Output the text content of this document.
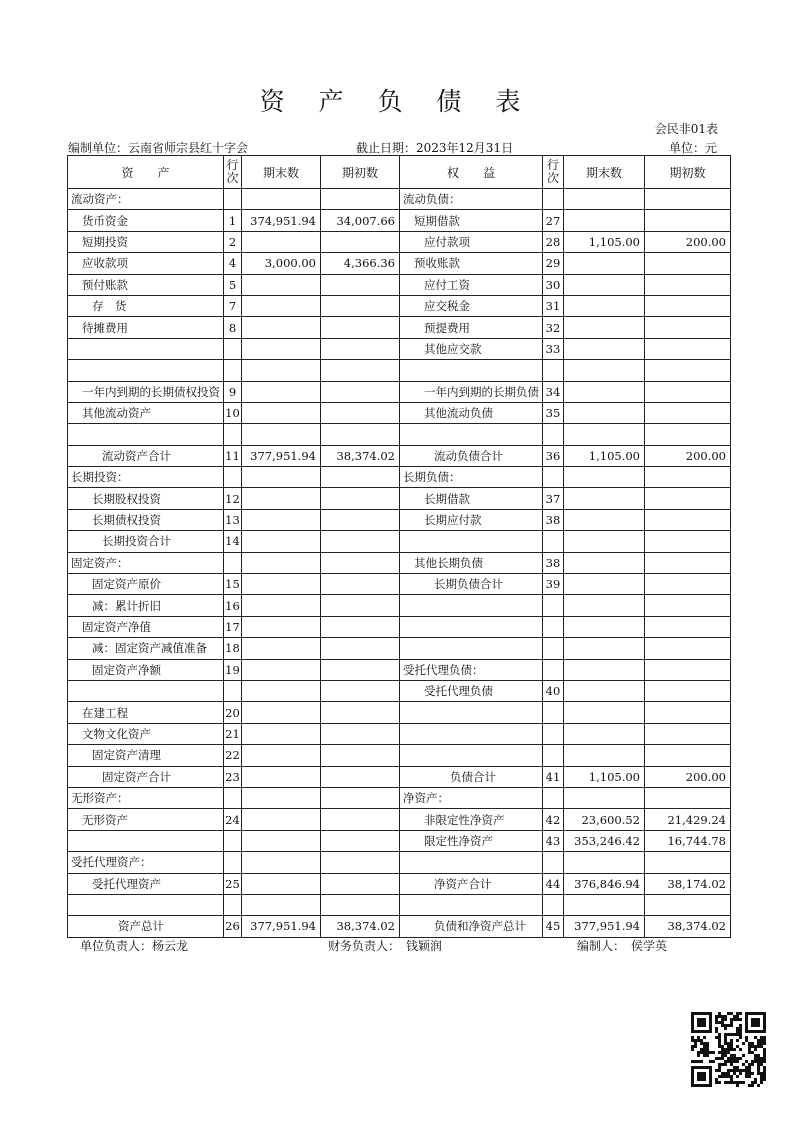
资 产 负 债 表
会民非01表
编制单位：云南省师宗县红十字会	截止日期：2023年12月31日	单位：元
资　　产	行次	期末数	期初数	权　　益	行次	期末数	期初数
流动资产：				流动负债：			
货币资金	1	374,951.94	34,007.66	短期借款	27		
短期投资	2			应付款项	28	1,105.00	200.00
应收款项	4	3,000.00	4,366.36	预收账款	29		
预付账款	5			应付工资	30		
存　货	7			应交税金	31		
待摊费用	8			预提费用	32		
				其他应交款	33		

一年内到期的长期债权投资	9			一年内到期的长期负债	34		
其他流动资产	10			其他流动负债	35		

流动资产合计	11	377,951.94	38,374.02	流动负债合计	36	1,105.00	200.00
长期投资：				长期负债：			
长期股权投资	12			长期借款	37		
长期债权投资	13			长期应付款	38		
长期投资合计	14						
固定资产：				其他长期负债	38		
固定资产原价	15			长期负债合计	39		
减：累计折旧	16						
固定资产净值	17						
减：固定资产减值准备	18						
固定资产净额	19			受托代理负债：			
				受托代理负债	40		
在建工程	20						
文物文化资产	21						
固定资产清理	22						
固定资产合计	23			负债合计	41	1,105.00	200.00
无形资产：				净资产：			
无形资产	24			非限定性净资产	42	23,600.52	21,429.24
				限定性净资产	43	353,246.42	16,744.78
受托代理资产：							
受托代理资产	25			净资产合计	44	376,846.94	38,174.02

资产总计	26	377,951.94	38,374.02	负债和净资产总计	45	377,951.94	38,374.02
单位负责人：杨云龙	财务负责人：　钱颖润	编制人：　侯学英
